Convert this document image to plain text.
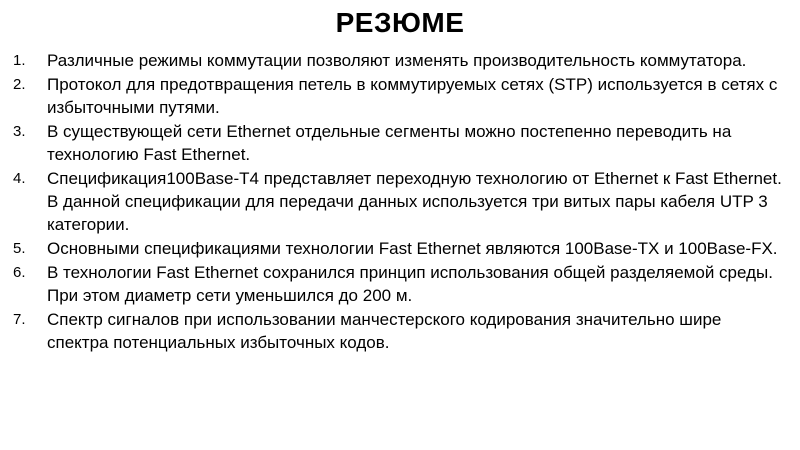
РЕЗЮМЕ
1. Различные режимы коммутации позволяют изменять производительность коммутатора.
2. Протокол для предотвращения петель в коммутируемых сетях (STP) используется в сетях с избыточными путями.
3. В существующей сети Ethernet отдельные сегменты можно постепенно переводить на технологию Fast Ethernet.
4. Спецификация100Base-T4 представляет переходную технологию от Ethernet к Fast Ethernet. В данной спецификации для передачи данных используется три витых пары кабеля UTP 3 категории.
5. Основными спецификациями технологии Fast Ethernet являются 100Base-TX и 100Base-FX.
6. В технологии Fast Ethernet сохранился принцип использования общей разделяемой среды. При этом диаметр сети уменьшился до 200 м.
7. Спектр сигналов при использовании манчестерского кодирования значительно шире спектра потенциальных избыточных кодов.
